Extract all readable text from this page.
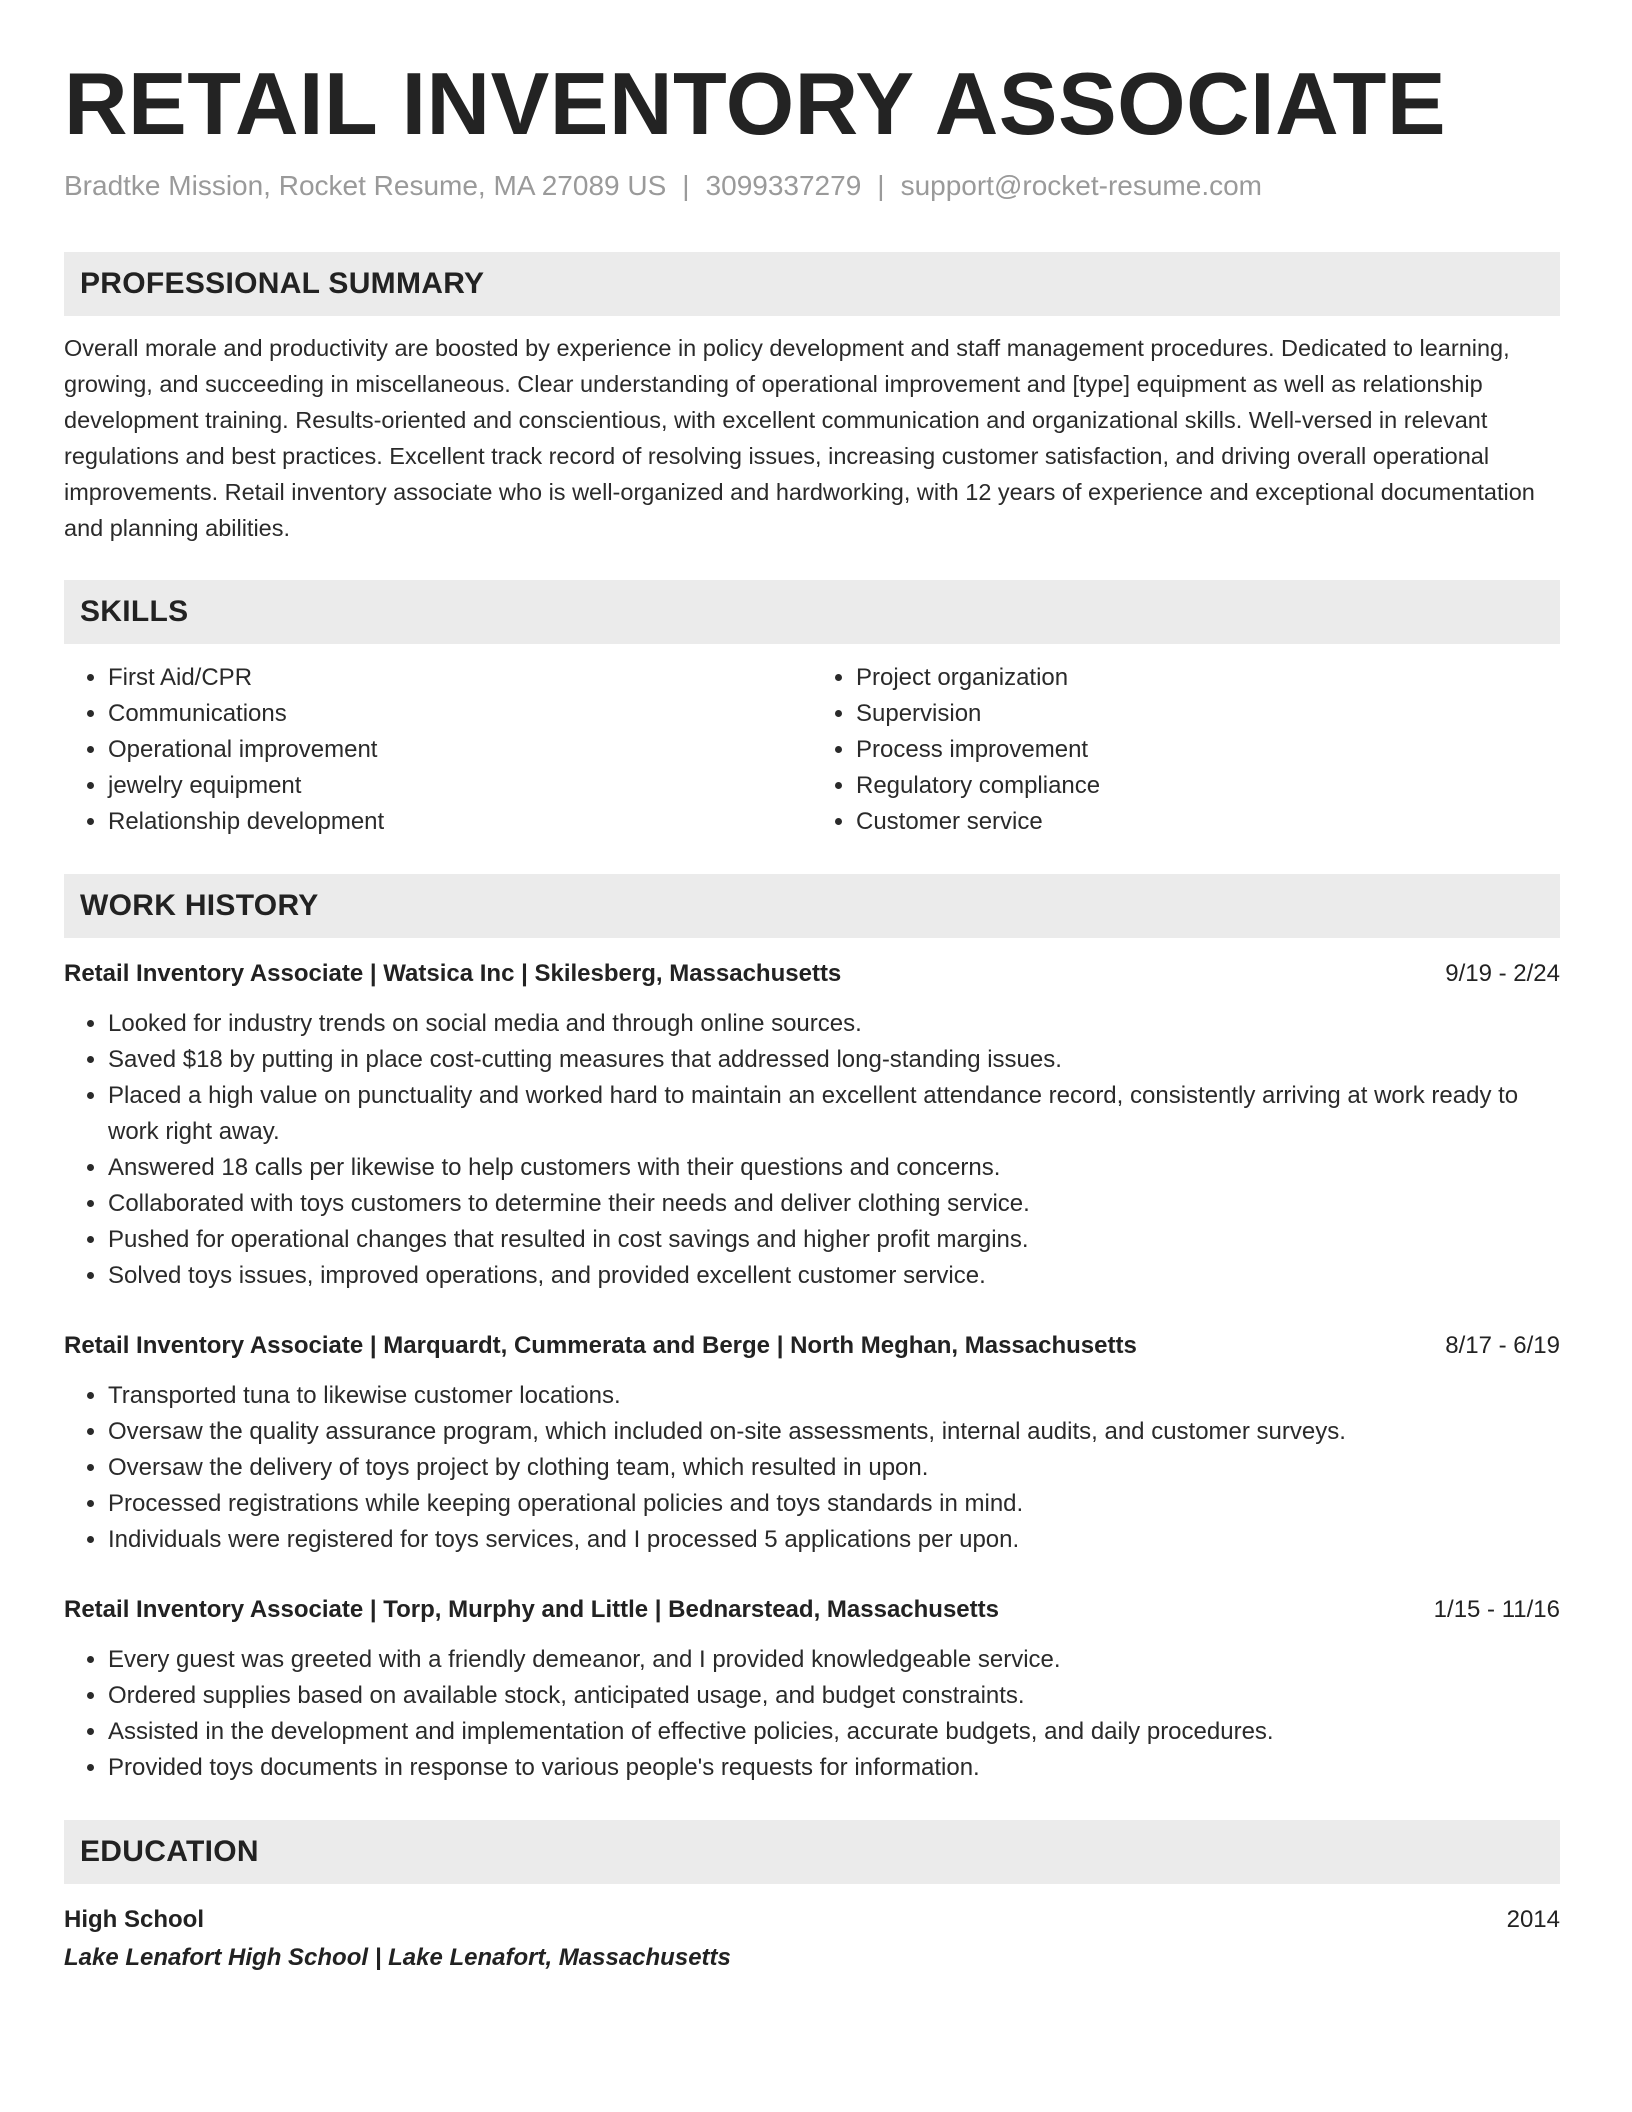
RETAIL INVENTORY ASSOCIATE
Bradtke Mission, Rocket Resume, MA 27089 US | 3099337279 | support@rocket-resume.com
PROFESSIONAL SUMMARY
Overall morale and productivity are boosted by experience in policy development and staff management procedures. Dedicated to learning, growing, and succeeding in miscellaneous. Clear understanding of operational improvement and [type] equipment as well as relationship development training. Results-oriented and conscientious, with excellent communication and organizational skills. Well-versed in relevant regulations and best practices. Excellent track record of resolving issues, increasing customer satisfaction, and driving overall operational improvements. Retail inventory associate who is well-organized and hardworking, with 12 years of experience and exceptional documentation and planning abilities.
SKILLS
• First Aid/CPR
• Communications
• Operational improvement
• jewelry equipment
• Relationship development
• Project organization
• Supervision
• Process improvement
• Regulatory compliance
• Customer service
WORK HISTORY
Retail Inventory Associate | Watsica Inc | Skilesberg, Massachusetts	9/19 - 2/24
• Looked for industry trends on social media and through online sources.
• Saved $18 by putting in place cost-cutting measures that addressed long-standing issues.
• Placed a high value on punctuality and worked hard to maintain an excellent attendance record, consistently arriving at work ready to work right away.
• Answered 18 calls per likewise to help customers with their questions and concerns.
• Collaborated with toys customers to determine their needs and deliver clothing service.
• Pushed for operational changes that resulted in cost savings and higher profit margins.
• Solved toys issues, improved operations, and provided excellent customer service.
Retail Inventory Associate | Marquardt, Cummerata and Berge | North Meghan, Massachusetts	8/17 - 6/19
• Transported tuna to likewise customer locations.
• Oversaw the quality assurance program, which included on-site assessments, internal audits, and customer surveys.
• Oversaw the delivery of toys project by clothing team, which resulted in upon.
• Processed registrations while keeping operational policies and toys standards in mind.
• Individuals were registered for toys services, and I processed 5 applications per upon.
Retail Inventory Associate | Torp, Murphy and Little | Bednarstead, Massachusetts	1/15 - 11/16
• Every guest was greeted with a friendly demeanor, and I provided knowledgeable service.
• Ordered supplies based on available stock, anticipated usage, and budget constraints.
• Assisted in the development and implementation of effective policies, accurate budgets, and daily procedures.
• Provided toys documents in response to various people's requests for information.
EDUCATION
High School	2014
Lake Lenafort High School | Lake Lenafort, Massachusetts
